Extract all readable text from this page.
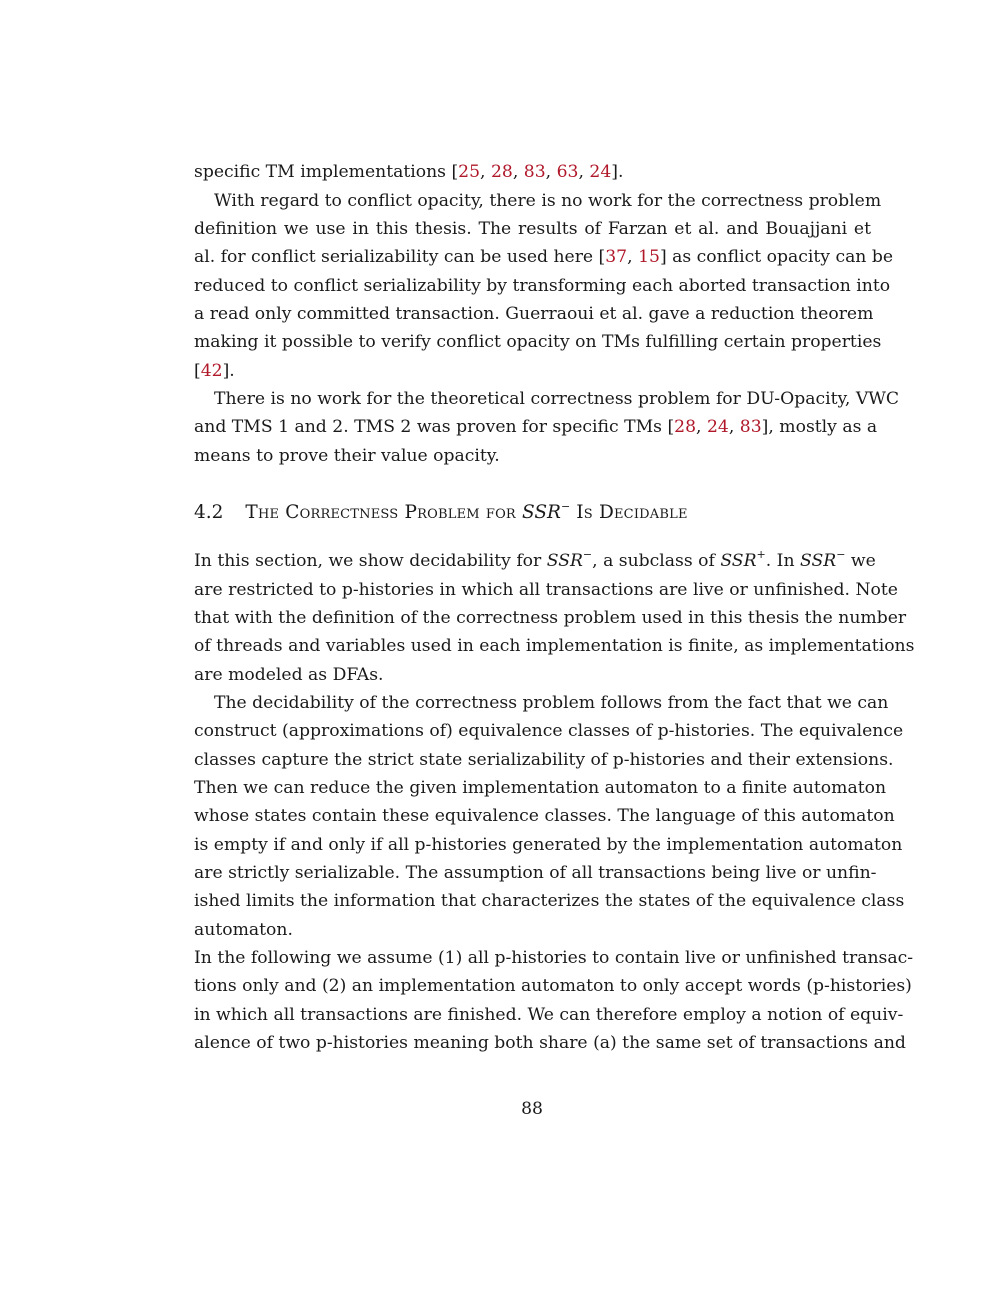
specific TM implementations [25, 28, 83, 63, 24].
With regard to conflict opacity, there is no work for the correctness problem
definition we use in this thesis. The results of Farzan et al. and Bouajjani et
al. for conflict serializability can be used here [37, 15] as conflict opacity can be
reduced to conflict serializability by transforming each aborted transaction into
a read only committed transaction. Guerraoui et al. gave a reduction theorem
making it possible to verify conflict opacity on TMs fulfilling certain properties
[42].
There is no work for the theoretical correctness problem for DU-Opacity, VWC
and TMS 1 and 2. TMS 2 was proven for specific TMs [28, 24, 83], mostly as a
means to prove their value opacity.
4.2 The Correctness Problem for SSR− Is Decidable
In this section, we show decidability for SSR−, a subclass of SSR+. In SSR− we
are restricted to p-histories in which all transactions are live or unfinished. Note
that with the definition of the correctness problem used in this thesis the number
of threads and variables used in each implementation is finite, as implementations
are modeled as DFAs.
The decidability of the correctness problem follows from the fact that we can
construct (approximations of) equivalence classes of p-histories. The equivalence
classes capture the strict state serializability of p-histories and their extensions.
Then we can reduce the given implementation automaton to a finite automaton
whose states contain these equivalence classes. The language of this automaton
is empty if and only if all p-histories generated by the implementation automaton
are strictly serializable. The assumption of all transactions being live or unfin-
ished limits the information that characterizes the states of the equivalence class
automaton.
In the following we assume (1) all p-histories to contain live or unfinished transac-
tions only and (2) an implementation automaton to only accept words (p-histories)
in which all transactions are finished. We can therefore employ a notion of equiv-
alence of two p-histories meaning both share (a) the same set of transactions and
88
